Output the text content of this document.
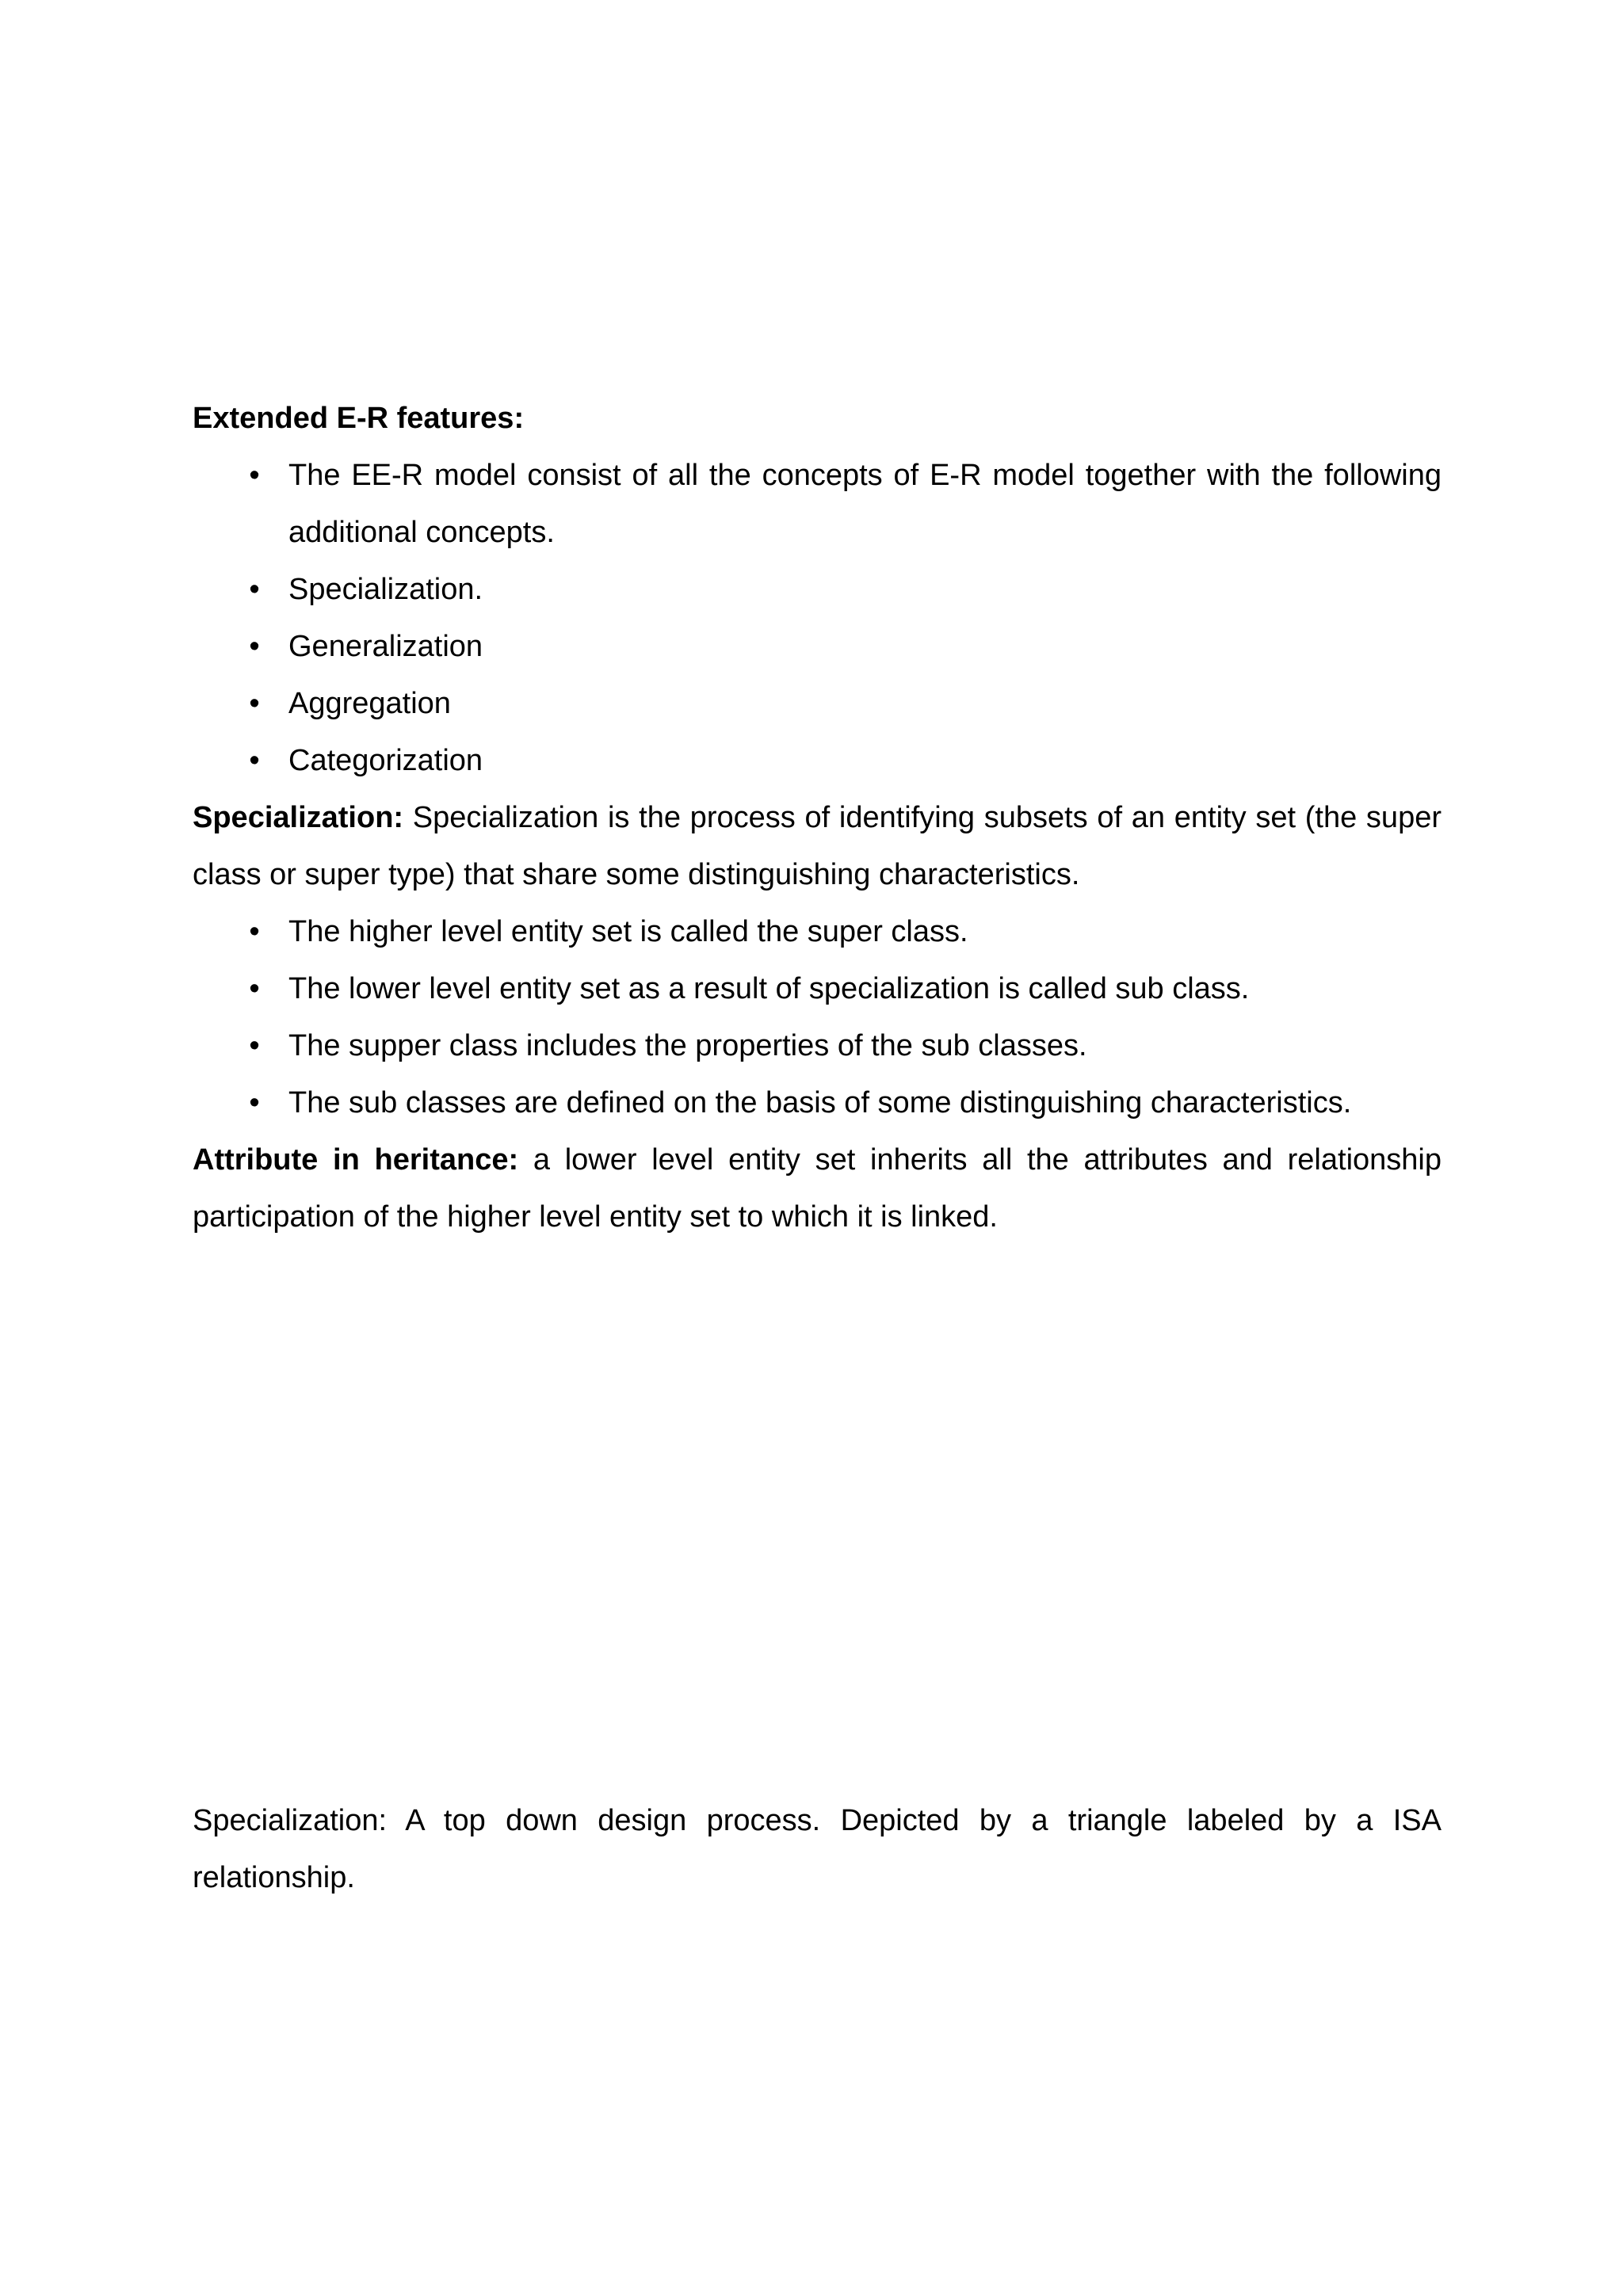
Extended E-R features:
• The EE-R model consist of all the concepts of E-R model together with the following additional concepts.
• Specialization.
• Generalization
• Aggregation
• Categorization
Specialization: Specialization is the process of identifying subsets of an entity set (the super class or super type) that share some distinguishing characteristics.
• The higher level entity set is called the super class.
• The lower level entity set as a result of specialization is called sub class.
• The supper class includes the properties of the sub classes.
• The sub classes are defined on the basis of some distinguishing characteristics.
Attribute in heritance: a lower level entity set inherits all the attributes and relationship participation of the higher level entity set to which it is linked.
Specialization: A top down design process. Depicted by a triangle labeled by a ISA relationship.
